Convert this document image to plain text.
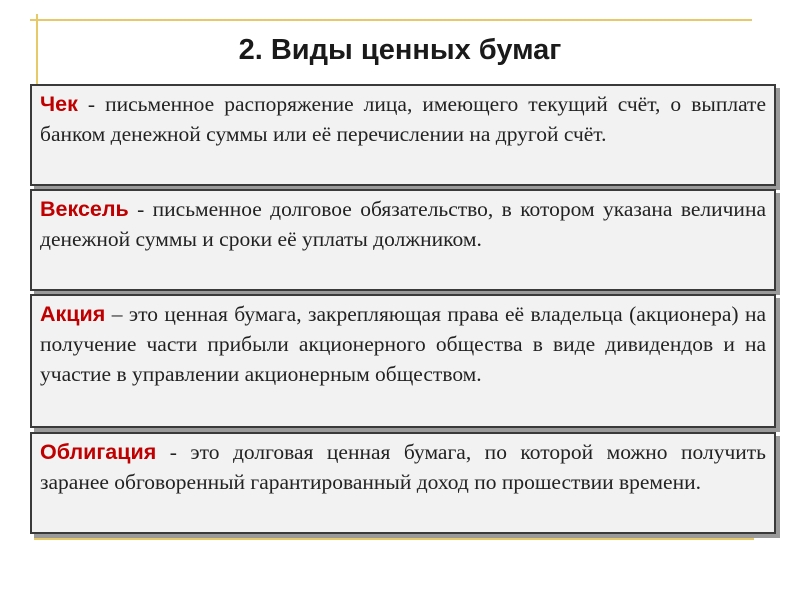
2. Виды ценных бумаг
Чек - письменное распоряжение лица, имеющего текущий счёт, о выплате банком денежной суммы или её перечислении на другой счёт.
Вексель - письменное долговое обязательство, в котором указана величина денежной суммы и сроки её уплаты должником.
Акция – это ценная бумага, закрепляющая права её владельца (акционера) на получение части прибыли акционерного общества в виде дивидендов и на участие в управлении акционерным обществом.
Облигация - это долговая ценная бумага, по которой можно получить заранее обговоренный гарантированный доход по прошествии времени.
